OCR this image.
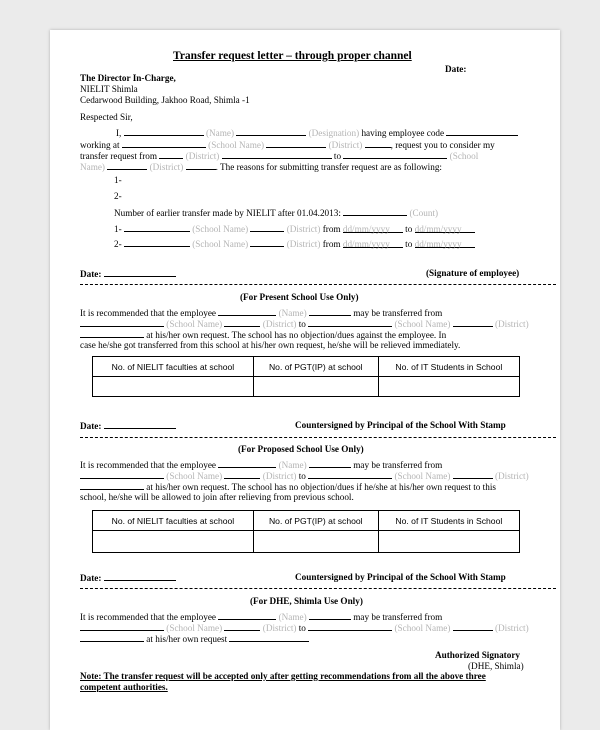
Transfer request letter – through proper channel
Date:
The Director In-Charge,
NIELIT Shimla
Cedarwood Building, Jakhoo Road, Shimla -1
Respected Sir,
I,	(Name)	(Designation) having employee code
working at	(School Name)	(District)	, request you to consider my
transfer request from	(District)	to	(School
Name)	(District)	. The reasons for submitting transfer request are as following:
1-
2-
Number of earlier transfer made by NIELIT after 01.04.2013:	(Count)
1-	(School Name)	(District) from dd/mm/yyyy to dd/mm/yyyy
2-	(School Name)	(District) from dd/mm/yyyy to dd/mm/yyyy
Date:	(Signature of employee)
(For Present School Use Only)
It is recommended that the employee	(Name)	may be transferred from
(School Name)	(District) to	(School Name)	(District)
at his/her own request. The school has no objection/dues against the employee. In
case he/she got transferred from this school at his/her own request, he/she will be relieved immediately.
No. of NIELIT faculties at school	No. of PGT(IP) at school	No. of IT Students in School

Date:	Countersigned by Principal of the School With Stamp
(For Proposed School Use Only)
It is recommended that the employee	(Name)	may be transferred from
(School Name)	(District) to	(School Name)	(District)
at his/her own request. The school has no objection/dues if he/she at his/her own request to this
school, he/she will be allowed to join after relieving from previous school.
No. of NIELIT faculties at school	No. of PGT(IP) at school	No. of IT Students in School

Date:	Countersigned by Principal of the School With Stamp
(For DHE, Shimla Use Only)
It is recommended that the employee	(Name)	may be transferred from
(School Name)	(District) to	(School Name)	(District)
at his/her own request
Authorized Signatory
(DHE, Shimla)
Note: The transfer request will be accepted only after getting recommendations from all the above three
competent authorities.
